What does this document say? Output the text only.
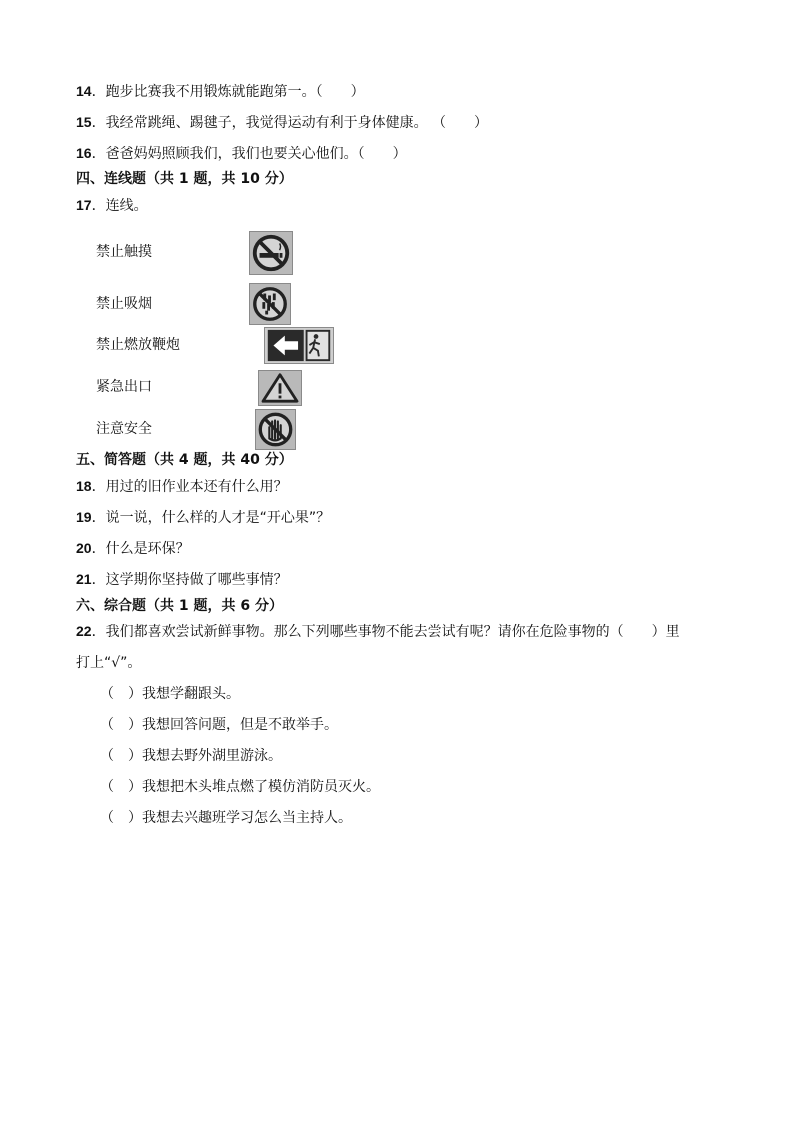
14．跑步比赛我不用锻炼就能跑第一。（　　）
15．我经常跳绳、踢毽子，我觉得运动有利于身体健康。 （　　）
16．爸爸妈妈照顾我们，我们也要关心他们。（　　）
四、连线题（共 1 题，共 10 分）
17．连线。
禁止触摸
禁止吸烟
禁止燃放鞭炮
紧急出口
注意安全
五、简答题（共 4 题，共 40 分）
18．用过的旧作业本还有什么用？
19．说一说，什么样的人才是“开心果”？
20．什么是环保？
21．这学期你坚持做了哪些事情？
六、综合题（共 1 题，共 6 分）
22．我们都喜欢尝试新鲜事物。那么下列哪些事物不能去尝试有呢？请你在危险事物的（　　）里
打上“√”。
（　）我想学翻跟头。
（　）我想回答问题，但是不敢举手。
（　）我想去野外湖里游泳。
（　）我想把木头堆点燃了模仿消防员灭火。
（　）我想去兴趣班学习怎么当主持人。
